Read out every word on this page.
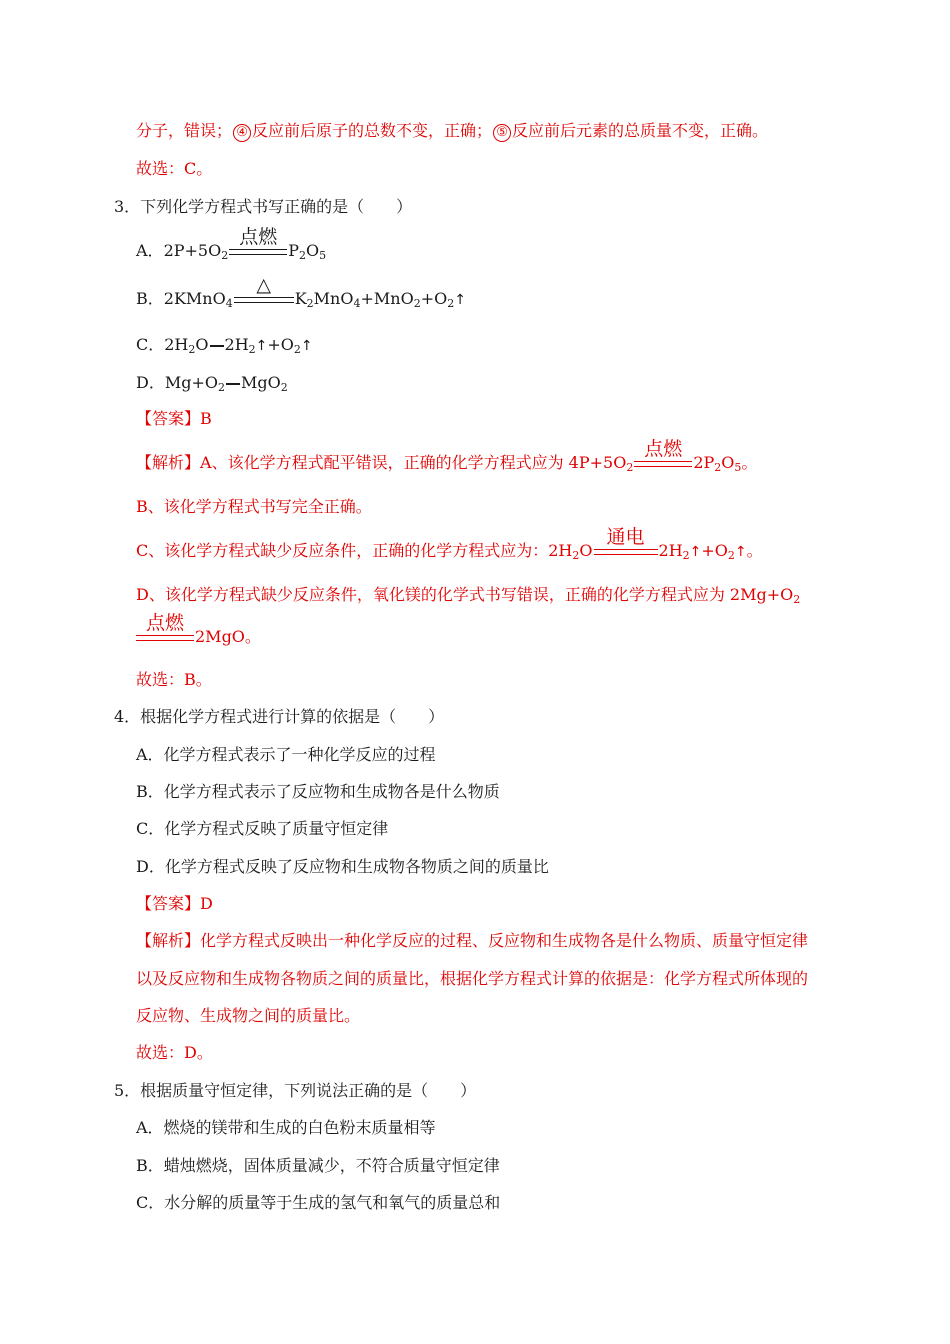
分子，错误； ④ 反应前后原子的总数不变，正确； ⑤ 反应前后元素的总质量不变，正确。
故选：C。
3．下列化学方程式书写正确的是（　　）
A．$2P+5O_2$
点燃
$P_2O_5$
B．2KMnO$_4$
△
$K_2MnO_4+MnO_2+O_2↑$
C．$2H_2O$ $2H_2↑+O_2↑$
D．$Mg+O_2$ MgO$_2$
【答案】B
【解析】A、该化学方程式配平错误，正确的化学方程式应为 $4P+5O_2$
点燃
$2P_2O_5$。
B、该化学方程式书写完全正确。
C、该化学方程式缺少反应条件，正确的化学方程式应为：$2H_2O$
通电
$2H_2↑+O_2↑$。
D、该化学方程式缺少反应条件，氧化镁的化学式书写错误，正确的化学方程式应为 $2Mg+O_2$
点燃
2MgO。
故选：B。
4．根据化学方程式进行计算的依据是（　　）
A．化学方程式表示了一种化学反应的过程
B．化学方程式表示了反应物和生成物各是什么物质
C．化学方程式反映了质量守恒定律
D．化学方程式反映了反应物和生成物各物质之间的质量比
【答案】D
【解析】化学方程式反映出一种化学反应的过程、反应物和生成物各是什么物质、质量守恒定律
以及反应物和生成物各物质之间的质量比，根据化学方程式计算的依据是：化学方程式所体现的
反应物、生成物之间的质量比。
故选：D。
5．根据质量守恒定律，下列说法正确的是（　　）
A．燃烧的镁带和生成的白色粉末质量相等
B．蜡烛燃烧，固体质量减少，不符合质量守恒定律
C．水分解的质量等于生成的氢气和氧气的质量总和
